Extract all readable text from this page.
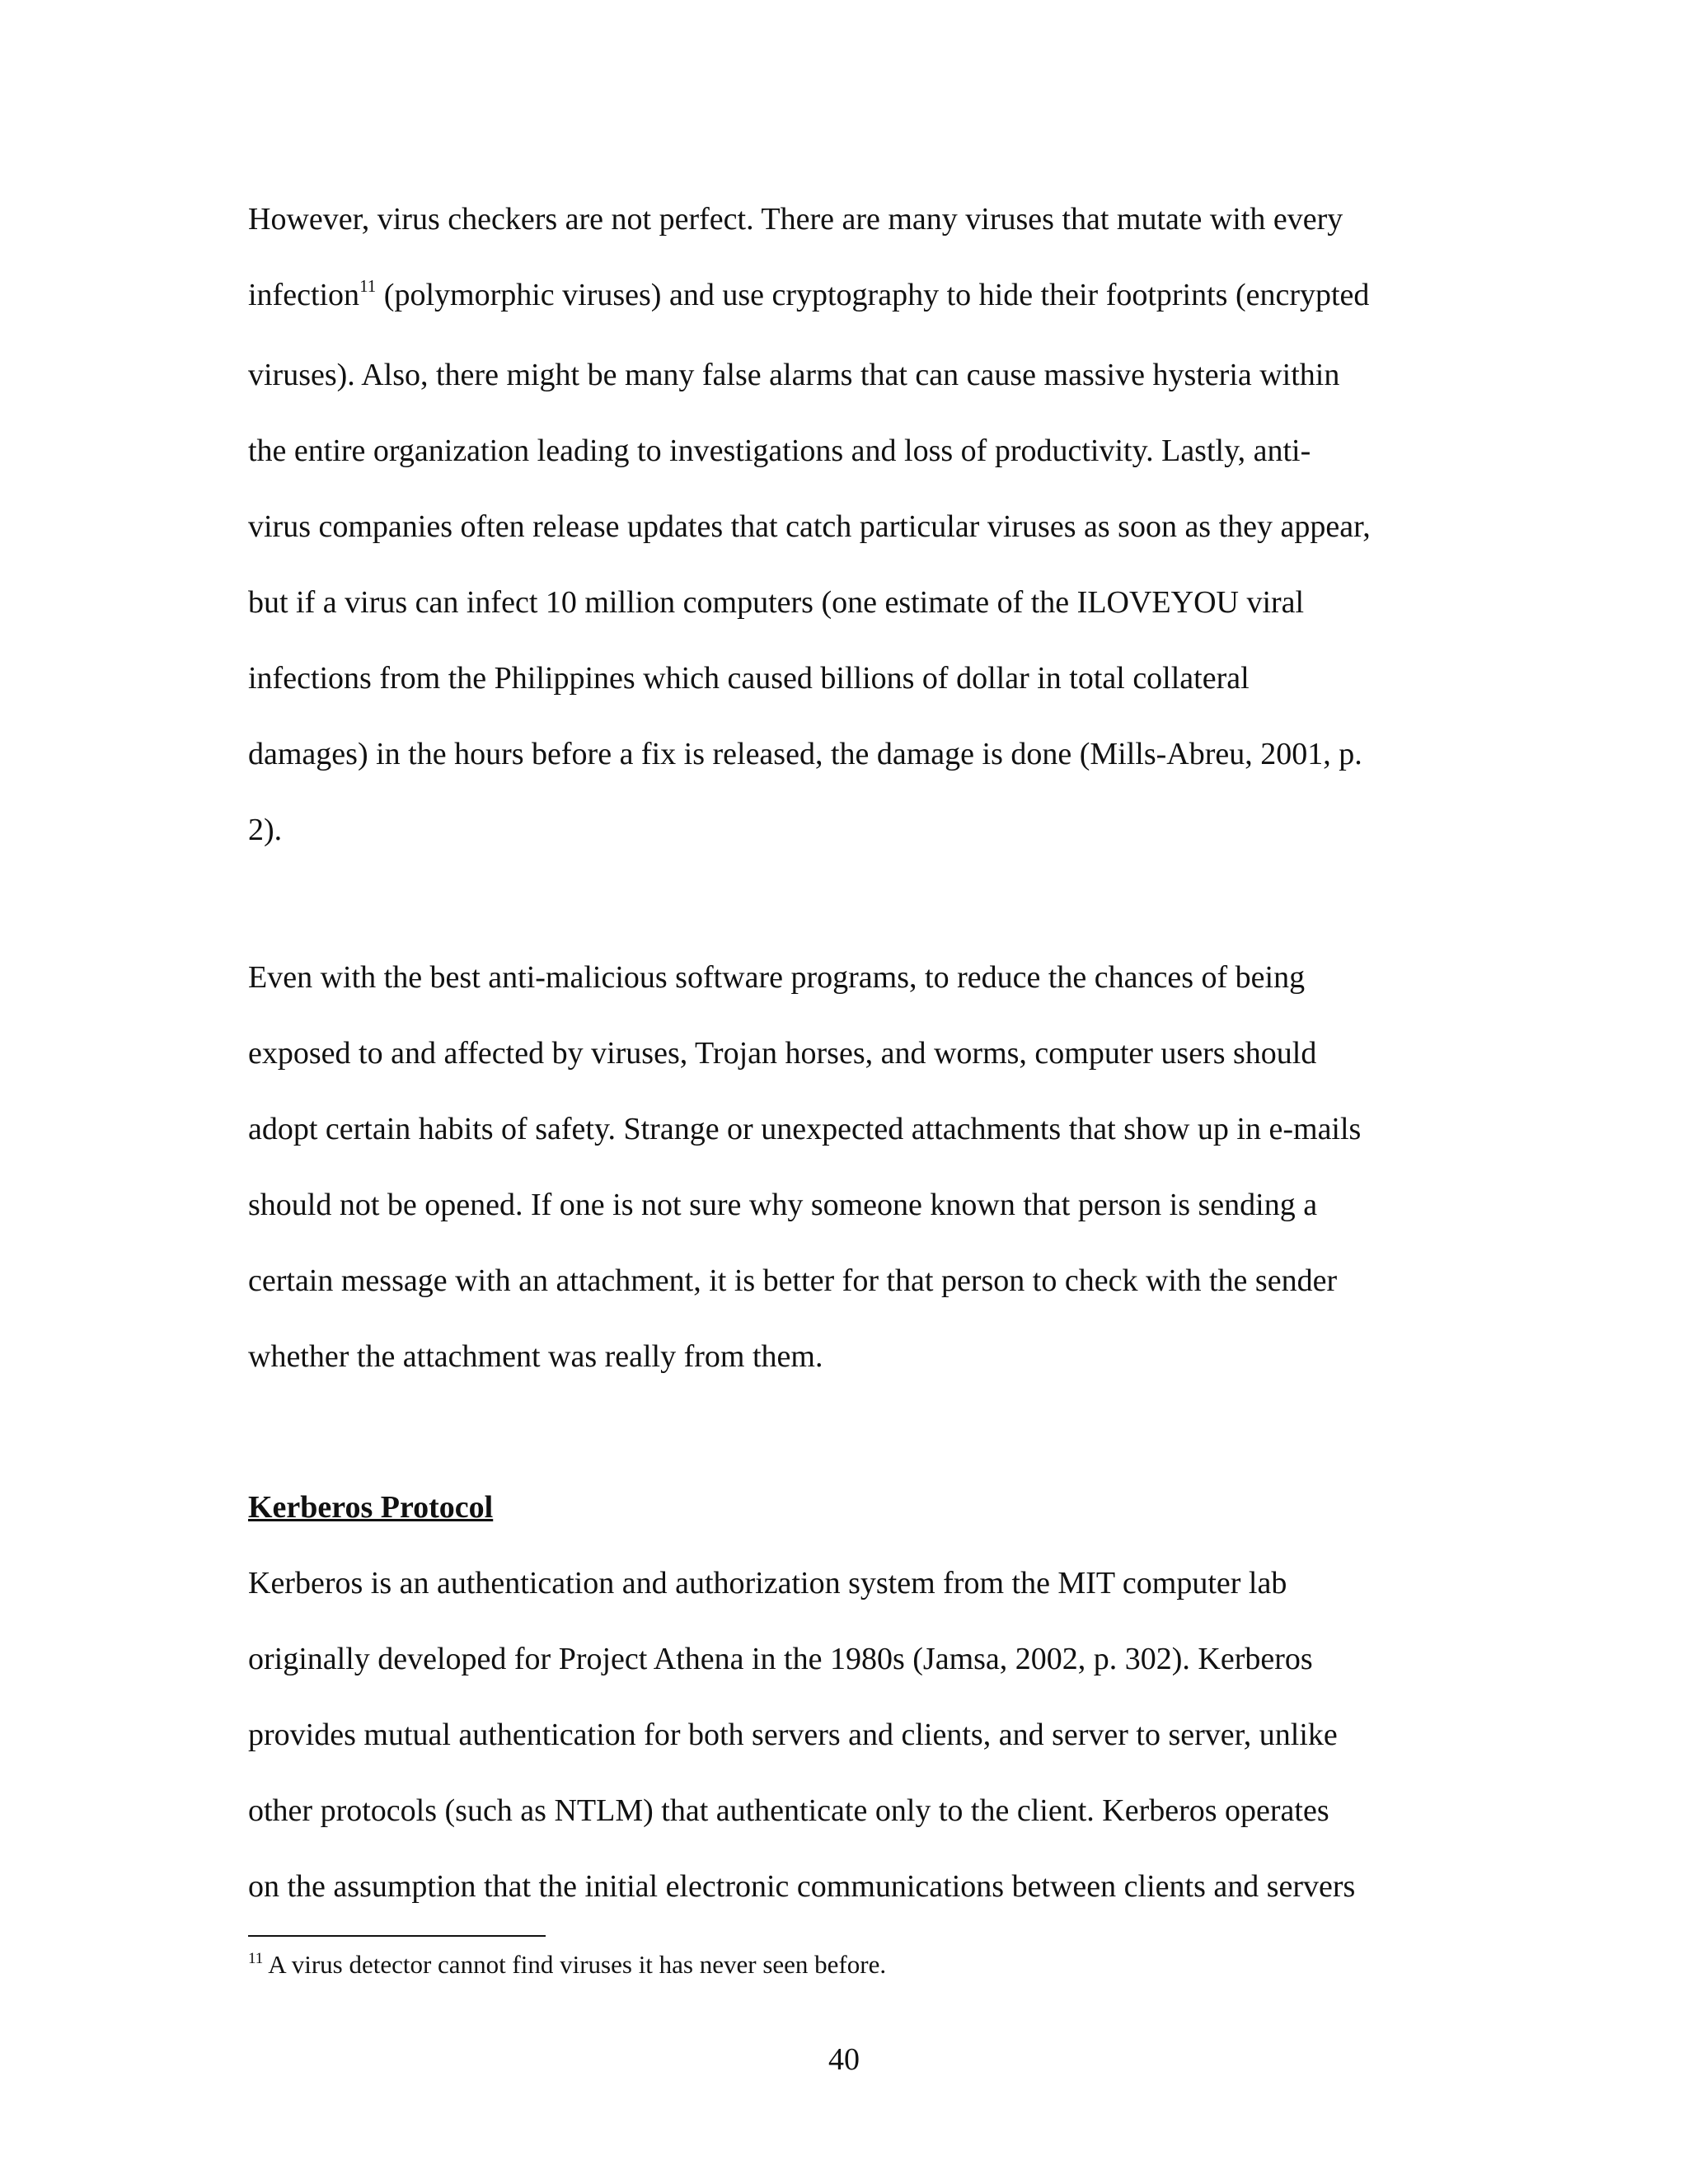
However, virus checkers are not perfect. There are many viruses that mutate with every
infection$^{11}$ (polymorphic viruses) and use cryptography to hide their footprints (encrypted
viruses). Also, there might be many false alarms that can cause massive hysteria within
the entire organization leading to investigations and loss of productivity. Lastly, anti-
virus companies often release updates that catch particular viruses as soon as they appear,
but if a virus can infect 10 million computers (one estimate of the ILOVEYOU viral
infections from the Philippines which caused billions of dollar in total collateral
damages) in the hours before a fix is released, the damage is done (Mills-Abreu, 2001, p.
2).

Even with the best anti-malicious software programs, to reduce the chances of being
exposed to and affected by viruses, Trojan horses, and worms, computer users should
adopt certain habits of safety. Strange or unexpected attachments that show up in e-mails
should not be opened. If one is not sure why someone known that person is sending a
certain message with an attachment, it is better for that person to check with the sender
whether the attachment was really from them.

Kerberos Protocol

Kerberos is an authentication and authorization system from the MIT computer lab
originally developed for Project Athena in the 1980s (Jamsa, 2002, p. 302). Kerberos
provides mutual authentication for both servers and clients, and server to server, unlike
other protocols (such as NTLM) that authenticate only to the client. Kerberos operates
on the assumption that the initial electronic communications between clients and servers

$^{11}$ A virus detector cannot find viruses it has never seen before.

40
